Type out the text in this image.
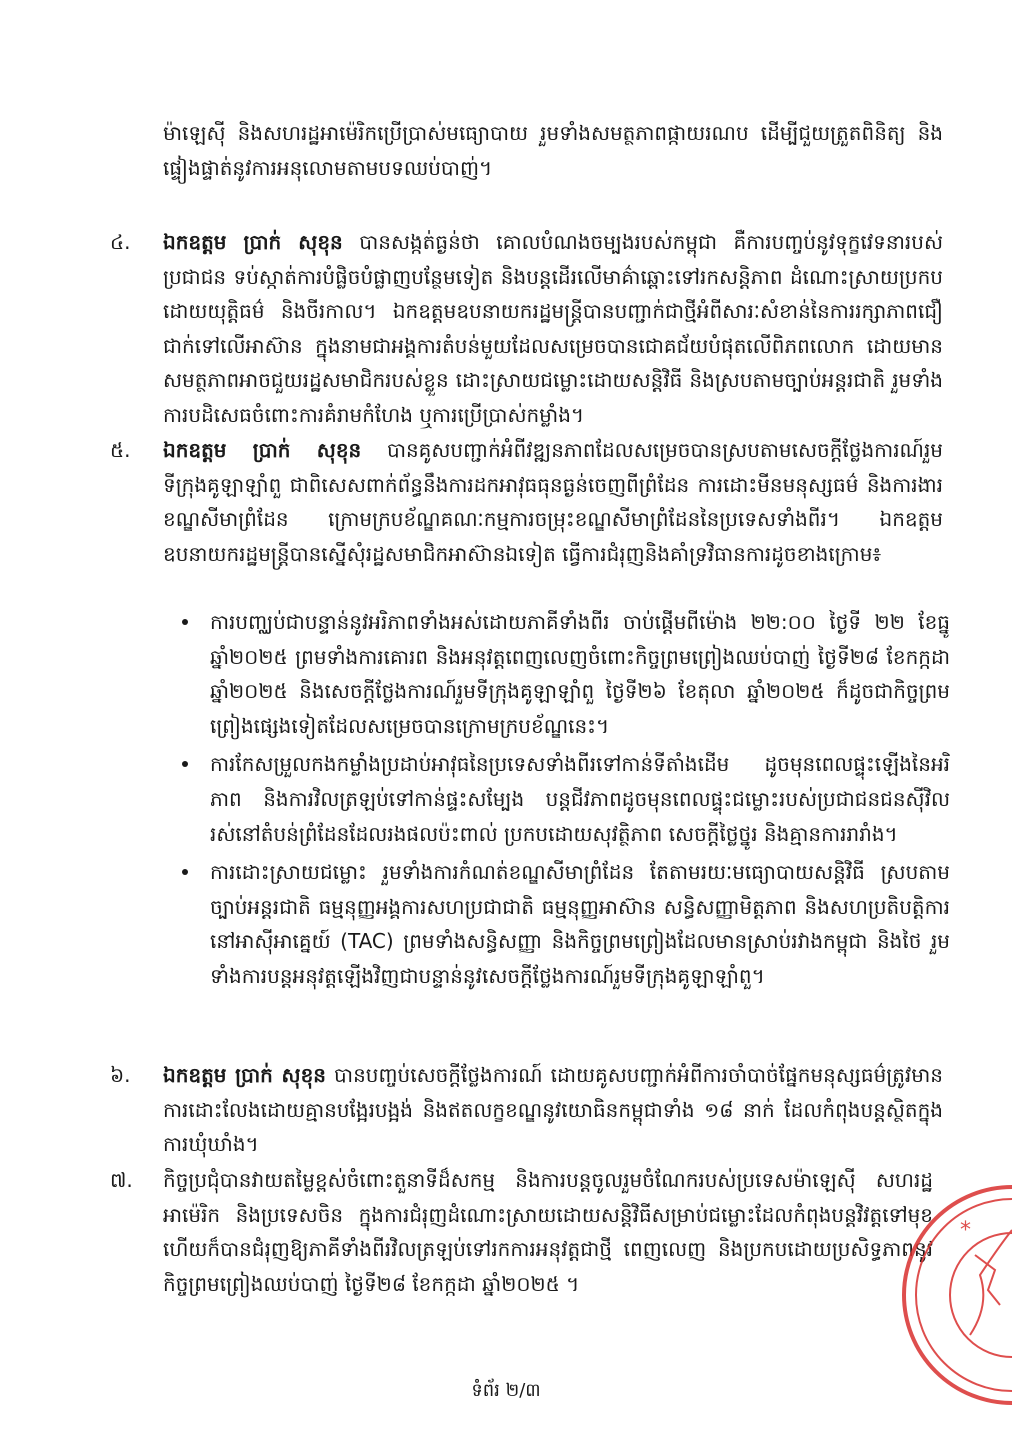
ម៉ាឡេស៊ី និងសហរដ្ឋអាម៉េរិកប្រើប្រាស់មធ្យោបាយ រួមទាំងសមត្ថភាពផ្កាយរណប ដើម្បីជួយត្រួតពិនិត្យ និងផ្ទៀងផ្ទាត់នូវការអនុលោមតាមបទឈប់បាញ់។
៤. ឯកឧត្តម ប្រាក់ សុខុន បានសង្កត់ធ្ងន់ថា គោលបំណងចម្បងរបស់កម្ពុជា គឺការបញ្ចប់នូវទុក្ខវេទនារបស់ប្រជាជន ទប់ស្កាត់ការបំផ្លិចបំផ្លាញបន្ថែមទៀត និងបន្តដើរលើមាគ៌ាឆ្ពោះទៅរកសន្តិភាព ដំណោះស្រាយប្រកបដោយយុត្តិធម៌ និងចីរកាល។ ឯកឧត្តមឧបនាយករដ្ឋមន្ត្រីបានបញ្ជាក់ជាថ្មីអំពីសារៈសំខាន់នៃការរក្សាភាពជឿជាក់ទៅលើអាស៊ាន ក្នុងនាមជាអង្គការតំបន់មួយដែលសម្រេចបានជោគជ័យបំផុតលើពិភពលោក ដោយមានសមត្ថភាពអាចជួយរដ្ឋសមាជិករបស់ខ្លួន ដោះស្រាយជម្លោះដោយសន្តិវិធី និងស្របតាមច្បាប់អន្តរជាតិ រួមទាំងការបដិសេធចំពោះការគំរាមកំហែង ឬការប្រើប្រាស់កម្លាំង។
៥. ឯកឧត្តម ប្រាក់ សុខុន បានគូសបញ្ជាក់អំពីវឌ្ឍនភាពដែលសម្រេចបានស្របតាមសេចក្តីថ្លែងការណ៍រួមទីក្រុងគូឡាឡាំពួ ជាពិសេសពាក់ព័ន្ធនឹងការដកអាវុធធុនធ្ងន់ចេញពីព្រំដែន ការដោះមីនមនុស្សធម៌ និងការងារខណ្ឌសីមាព្រំដែន ក្រោមក្របខ័ណ្ឌគណៈកម្មការចម្រុះខណ្ឌសីមាព្រំដែននៃប្រទេសទាំងពីរ។ ឯកឧត្តមឧបនាយករដ្ឋមន្ត្រីបានស្នើសុំរដ្ឋសមាជិកអាស៊ានឯទៀត ធ្វើការជំរុញនិងគាំទ្រវិធានការដូចខាងក្រោម៖
ការបញ្ឈប់ជាបន្ទាន់នូវអរិភាពទាំងអស់ដោយភាគីទាំងពីរ ចាប់ផ្តើមពីម៉ោង ២២:០០ ថ្ងៃទី ២២ ខែធ្នូ ឆ្នាំ២០២៥ ព្រមទាំងការគោរព និងអនុវត្តពេញលេញចំពោះកិច្ចព្រមព្រៀងឈប់បាញ់ ថ្ងៃទី២៨ ខែកក្កដា ឆ្នាំ២០២៥ និងសេចក្តីថ្លែងការណ៍រួមទីក្រុងគូឡាឡាំពួ ថ្ងៃទី២៦ ខែតុលា ឆ្នាំ២០២៥ ក៏ដូចជាកិច្ចព្រមព្រៀងផ្សេងទៀតដែលសម្រេចបានក្រោមក្របខ័ណ្ឌនេះ។
ការកែសម្រួលកងកម្លាំងប្រដាប់អាវុធនៃប្រទេសទាំងពីរទៅកាន់ទីតាំងដើម ដូចមុនពេលផ្ទុះឡើងនៃអរិភាព និងការវិលត្រឡប់ទៅកាន់ផ្ទះសម្បែង បន្តជីវភាពដូចមុនពេលផ្ទុះជម្លោះរបស់ប្រជាជនជនស៊ីវិលរស់នៅតំបន់ព្រំដែនដែលរងផលប៉ះពាល់ ប្រកបដោយសុវត្ថិភាព សេចក្តីថ្លៃថ្នូរ និងគ្មានការរារាំង។
ការដោះស្រាយជម្លោះ រួមទាំងការកំណត់ខណ្ឌសីមាព្រំដែន តែតាមរយៈមធ្យោបាយសន្តិវិធី ស្របតាមច្បាប់អន្តរជាតិ ធម្មនុញ្ញអង្គការសហប្រជាជាតិ ធម្មនុញ្ញអាស៊ាន សន្ធិសញ្ញាមិត្តភាព និងសហប្រតិបត្តិការនៅអាស៊ីអាគ្នេយ៍ (TAC) ព្រមទាំងសន្ធិសញ្ញា និងកិច្ចព្រមព្រៀងដែលមានស្រាប់រវាងកម្ពុជា និងថៃ រួមទាំងការបន្តអនុវត្តឡើងវិញជាបន្ទាន់នូវសេចក្តីថ្លែងការណ៍រួមទីក្រុងគូឡាឡាំពួ។
៦. ឯកឧត្តម ប្រាក់ សុខុន បានបញ្ចប់សេចក្តីថ្លែងការណ៍ ដោយគូសបញ្ជាក់អំពីការចាំបាច់ផ្នែកមនុស្សធម៌ត្រូវមានការដោះលែងដោយគ្មានបង្អែរបង្អង់ និងឥតលក្ខខណ្ឌនូវយោធិនកម្ពុជាទាំង ១៨ នាក់ ដែលកំពុងបន្តស្ថិតក្នុងការឃុំឃាំង។
៧. កិច្ចប្រជុំបានវាយតម្លៃខ្ពស់ចំពោះតួនាទីដ៏សកម្ម និងការបន្តចូលរួមចំណែករបស់ប្រទេសម៉ាឡេស៊ី សហរដ្ឋអាម៉េរិក និងប្រទេសចិន ក្នុងការជំរុញដំណោះស្រាយដោយសន្តិវិធីសម្រាប់ជម្លោះដែលកំពុងបន្តវិវត្តទៅមុខ ហើយក៏បានជំរុញឱ្យភាគីទាំងពីរវិលត្រឡប់ទៅរកការអនុវត្តជាថ្មី ពេញលេញ និងប្រកបដោយប្រសិទ្ធភាពនូវកិច្ចព្រមព្រៀងឈប់បាញ់ ថ្ងៃទី២៨ ខែកក្កដា ឆ្នាំ២០២៥ ។
*
ទំព័រ ២/៣
